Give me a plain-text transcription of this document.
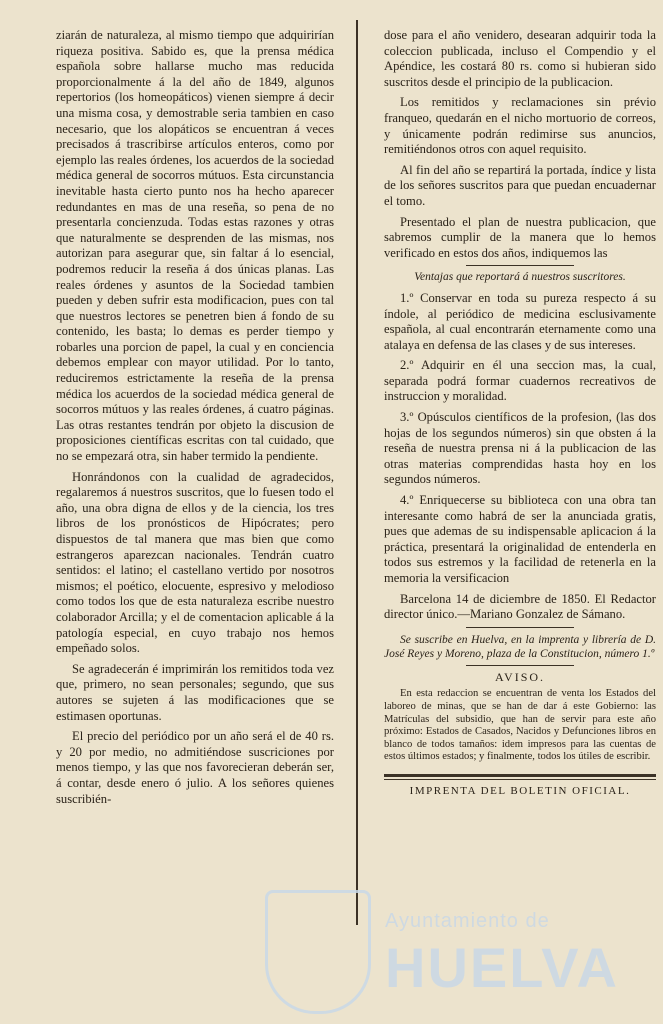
ziarán de naturaleza, al mismo tiempo que adquirirían riqueza positiva. Sabido es, que la prensa médica española sobre hallarse mucho mas reducida proporcionalmente á la del año de 1849, algunos repertorios (los homeopáticos) vienen siempre á decir una misma cosa, y demostrable seria tambien en caso necesario, que los alopáticos se encuentran á veces precisados á trascribirse artículos enteros, como por ejemplo las reales órdenes, los acuerdos de la sociedad médica general de socorros mútuos. Esta circunstancia inevitable hasta cierto punto nos ha hecho aparecer redundantes en mas de una reseña, so pena de no presentarla concienzuda. Todas estas razones y otras que naturalmente se desprenden de las mismas, nos autorizan para asegurar que, sin faltar á lo esencial, podremos reducir la reseña á dos únicas planas. Las reales órdenes y asuntos de la Sociedad tambien pueden y deben sufrir esta modificacion, pues con tal que nuestros lectores se penetren bien á fondo de su contenido, les basta; lo demas es perder tiempo y robarles una porcion de papel, la cual y en conciencia debemos emplear con mayor utilidad. Por lo tanto, reduciremos estrictamente la reseña de la prensa médica los acuerdos de la sociedad médica general de socorros mútuos y las reales órdenes, á cuatro páginas. Las otras restantes tendrán por objeto la discusion de proposiciones científicas escritas con tal cuidado, que no se empezará otra, sin haber termido la pendiente.

Honrándonos con la cualidad de agradecidos, regalaremos á nuestros suscritos, que lo fuesen todo el año, una obra digna de ellos y de la ciencia, los tres libros de los pronósticos de Hipócrates; pero dispuestos de tal manera que mas bien que como estrangeros aparezcan nacionales. Tendrán cuatro sentidos: el latino; el castellano vertido por nosotros mismos; el poético, elocuente, espresivo y melodioso como todos los que de esta naturaleza escribe nuestro colaborador Arcilla; y el de comentacion aplicable á la patología especial, en cuyo trabajo nos hemos empeñado solos.

Se agradecerán é imprimirán los remitidos toda vez que, primero, no sean personales; segundo, que sus autores se sujeten á las modificaciones que se estimasen oportunas.

El precio del periódico por un año será el de 40 rs. y 20 por medio, no admitiéndose suscriciones por menos tiempo, y las que nos favorecieran deberán ser, á contar, desde enero ó julio. A los señores quienes suscribién-

dose para el año venidero, desearan adquirir toda la coleccion publicada, incluso el Compendio y el Apéndice, les costará 80 rs. como si hubieran sido suscritos desde el principio de la publicacion.

Los remitidos y reclamaciones sin prévio franqueo, quedarán en el nicho mortuorio de correos, y únicamente podrán redimirse sus anuncios, remitiéndonos otros con aquel requisito.

Al fin del año se repartirá la portada, índice y lista de los señores suscritos para que puedan encuadernar el tomo.

Presentado el plan de nuestra publicacion, que sabremos cumplir de la manera que lo hemos verificado en estos dos años, indiquemos las

Ventajas que reportará á nuestros suscritores.

1.º Conservar en toda su pureza respecto á su índole, al periódico de medicina esclusivamente española, al cual encontrarán eternamente como una atalaya en defensa de las clases y de sus intereses.

2.º Adquirir en él una seccion mas, la cual, separada podrá formar cuadernos recreativos de instruccion y moralidad.

3.º Opúsculos científicos de la profesion, (las dos hojas de los segundos números) sin que obsten á la reseña de nuestra prensa ni á la publicacion de las otras materias comprendidas hasta hoy en los segundos números.

4.º Enriquecerse su biblioteca con una obra tan interesante como habrá de ser la anunciada gratis, pues que ademas de su indispensable aplicacion á la práctica, presentará la originalidad de entenderla en todos sus estremos y la facilidad de retenerla en la memoria la versificacion

Barcelona 14 de diciembre de 1850. El Redactor director único.—Mariano Gonzalez de Sámano.

Se suscribe en Huelva, en la imprenta y librería de D. José Reyes y Moreno, plaza de la Constitucion, número 1.º

AVISO.

En esta redaccion se encuentran de venta los Estados del laboreo de minas, que se han de dar á este Gobierno: las Matrículas del subsidio, que han de servir para este año próximo: Estados de Casados, Nacidos y Defunciones libros en blanco de todos tamaños: idem impresos para las cuentas de estos últimos estados; y finalmente, todos los útiles de escribir.

IMPRENTA DEL BOLETIN OFICIAL.
Ayuntamiento de
HUELVA
